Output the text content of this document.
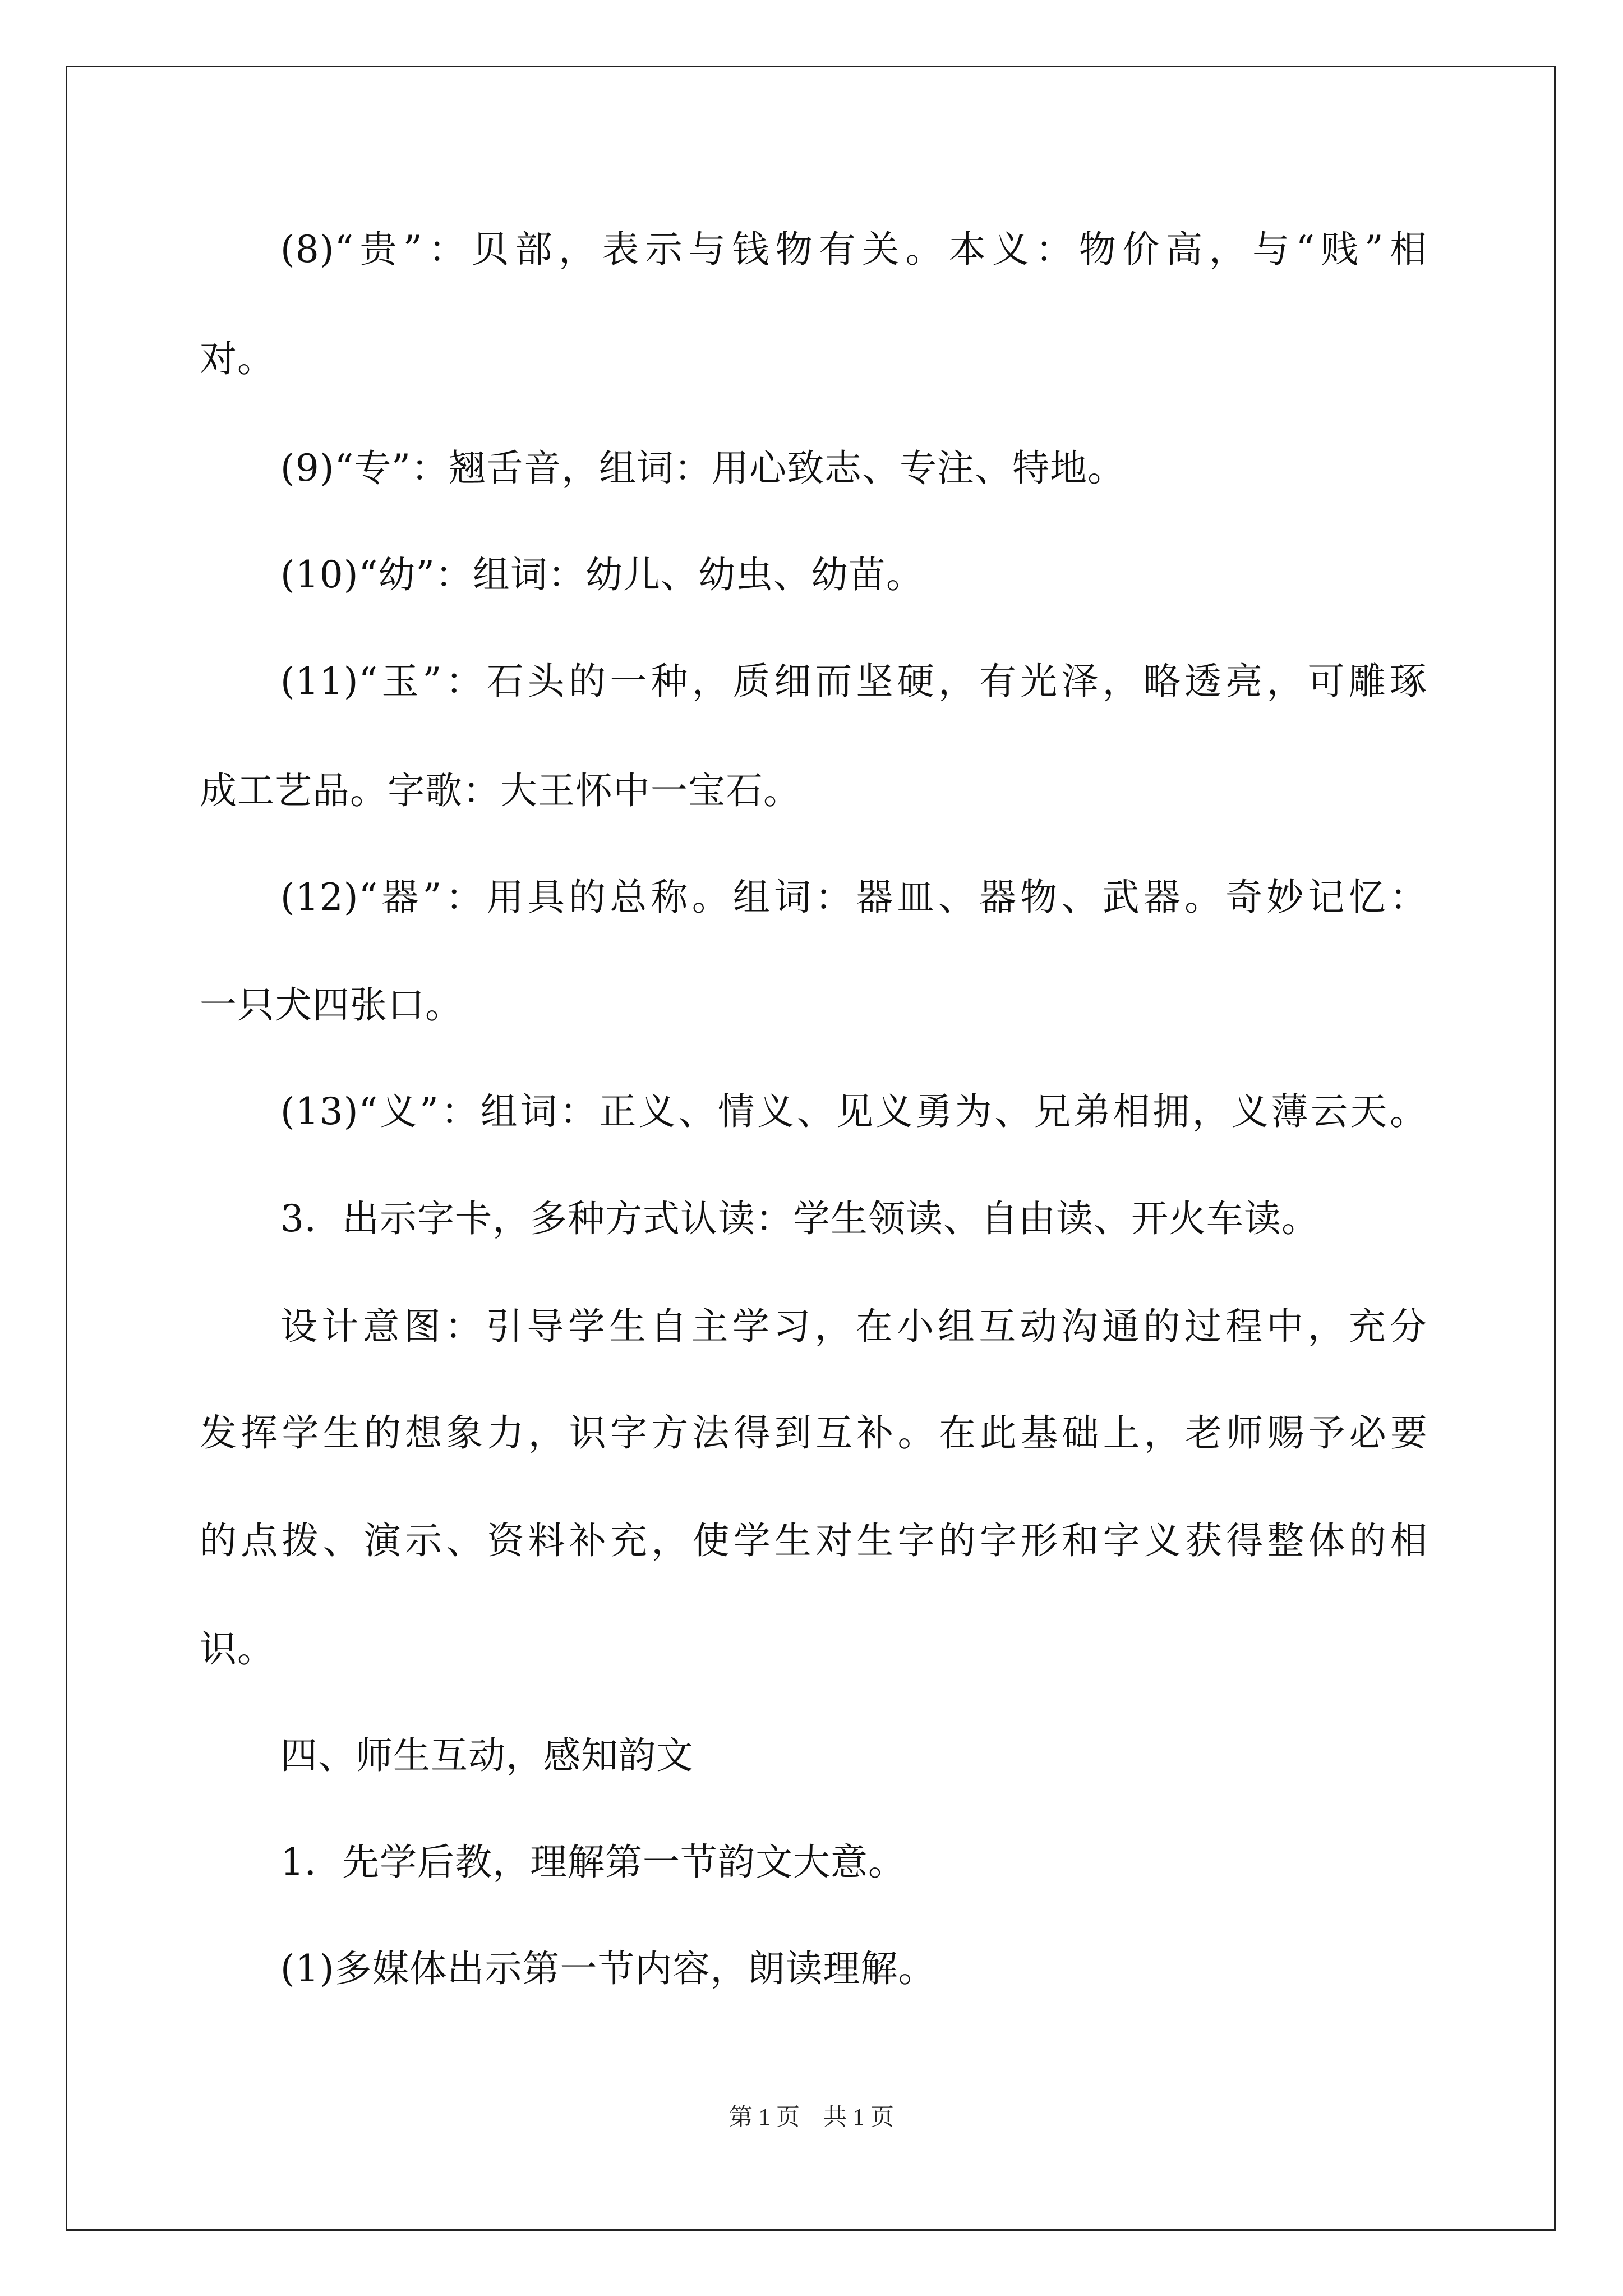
(8)“贵”：贝部，表示与钱物有关。本义：物价高，与“贱”相
对。
(9)“专”：翘舌音，组词：用心致志、专注、特地。
(10)“幼”：组词：幼儿、幼虫、幼苗。
(11)“玉”：石头的一种，质细而坚硬，有光泽，略透亮，可雕琢
成工艺品。字歌：大王怀中一宝石。
(12)“器”：用具的总称。组词：器皿、器物、武器。奇妙记忆：
一只犬四张口。
(13)“义”：组词：正义、情义、见义勇为、兄弟相拥，义薄云天。
3．出示字卡，多种方式认读：学生领读、自由读、开火车读。
设计意图：引导学生自主学习，在小组互动沟通的过程中，充分
发挥学生的想象力，识字方法得到互补。在此基础上，老师赐予必要
的点拨、演示、资料补充，使学生对生字的字形和字义获得整体的相
识。
四、师生互动，感知韵文
1．先学后教，理解第一节韵文大意。
(1)多媒体出示第一节内容，朗读理解。
第 1 页　共 1 页
